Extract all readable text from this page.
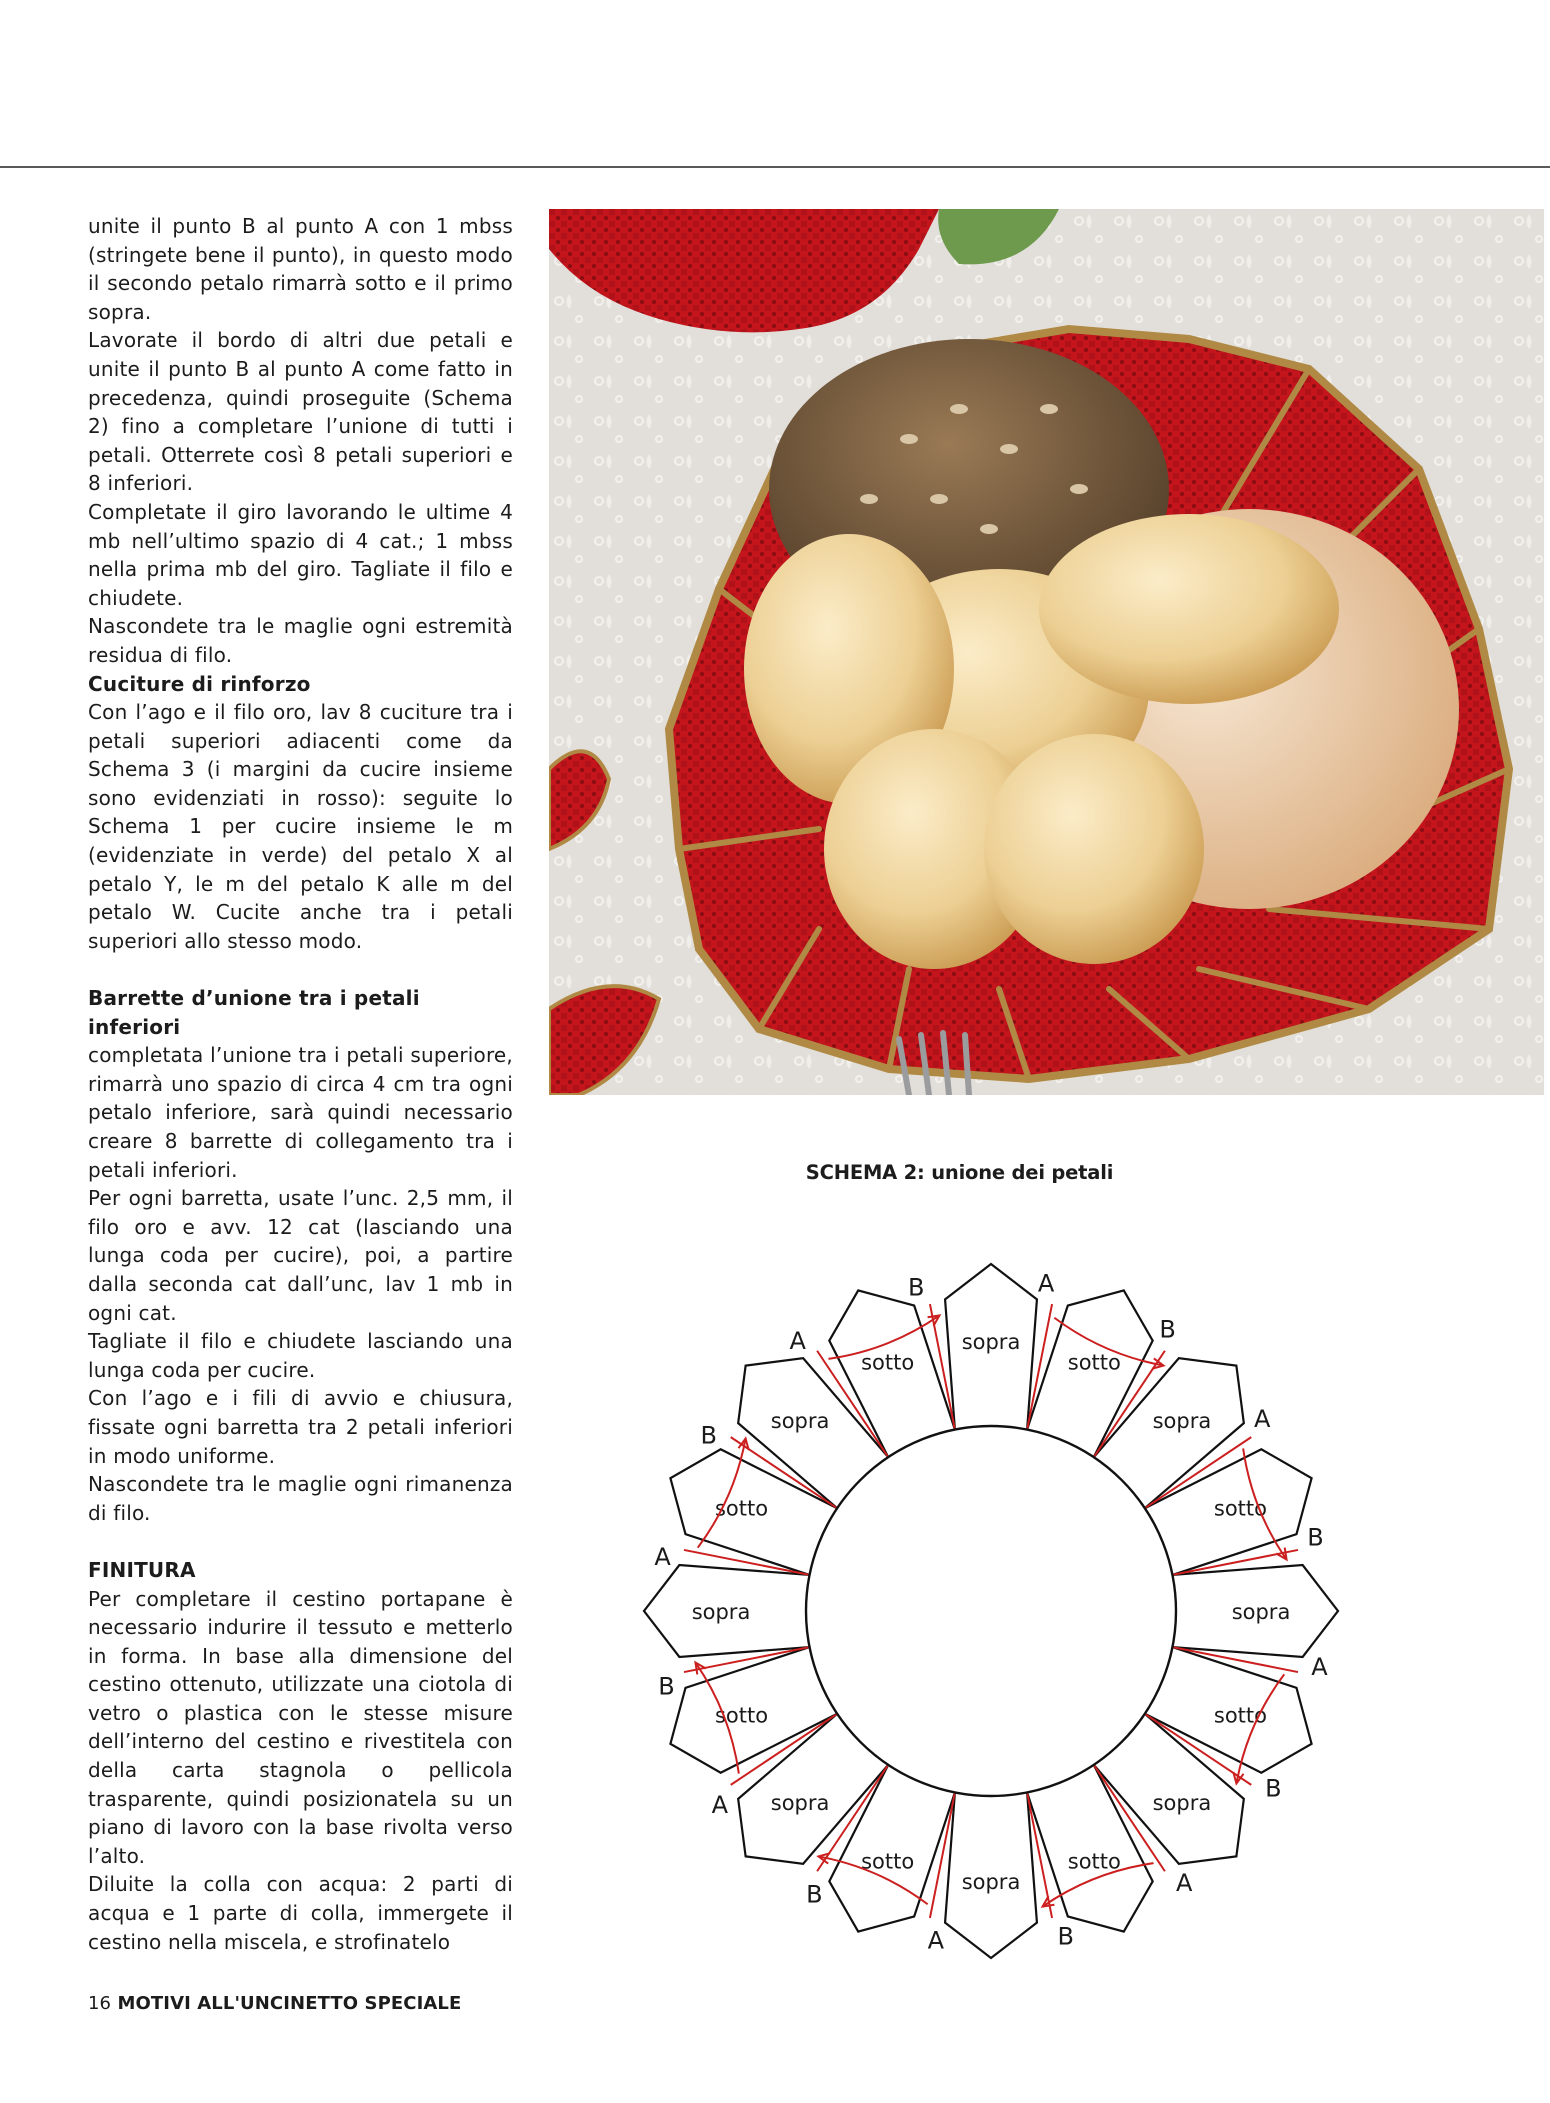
unite il punto B al punto A con 1 mbss (stringete bene il punto), in questo modo il secondo petalo rimarrà sotto e il primo sopra.

Lavorate il bordo di altri due petali e unite il punto B al punto A come fatto in precedenza, quindi proseguite (Schema 2) fino a completare l’unione di tutti i petali. Otterrete così 8 petali superiori e 8 inferiori.

Completate il giro lavorando le ultime 4 mb nell’ultimo spazio di 4 cat.; 1 mbss nella prima mb del giro. Tagliate il filo e chiudete.

Nascondete tra le maglie ogni estremità residua di filo.

Cuciture di rinforzo

Con l’ago e il filo oro, lav 8 cuciture tra i petali superiori adiacenti come da Schema 3 (i margini da cucire insieme sono evidenziati in rosso): seguite lo Schema 1 per cucire insieme le m (evidenziate in verde) del petalo X al petalo Y, le m del petalo K alle m del petalo W. Cucite anche tra i petali superiori allo stesso modo.

Barrette d’unione tra i petali inferiori

completata l’unione tra i petali superiore, rimarrà uno spazio di circa 4 cm tra ogni petalo inferiore, sarà quindi necessario creare 8 barrette di collegamento tra i petali inferiori.

Per ogni barretta, usate l’unc. 2,5 mm, il filo oro e avv. 12 cat (lasciando una lunga coda per cucire), poi, a partire dalla seconda cat dall’unc, lav 1 mb in ogni cat.

Tagliate il filo e chiudete lasciando una lunga coda per cucire.

Con l’ago e i fili di avvio e chiusura, fissate ogni barretta tra 2 petali inferiori in modo uniforme.

Nascondete tra le maglie ogni rimanenza di filo.

FINITURA

Per completare il cestino portapane è necessario indurire il tessuto e metterlo in forma. In base alla dimensione del cestino ottenuto, utilizzate una ciotola di vetro o plastica con le stesse misure dell’interno del cestino e rivestitela con della carta stagnola o pellicola trasparente, quindi posizionatela su un piano di lavoro con la base rivolta verso l’alto.

Diluite la colla con acqua: 2 parti di acqua e 1 parte di colla, immergete il cestino nella miscela, e strofinatelo

SCHEMA 2: unione dei petali
sopra
sotto
sopra
sotto
sopra
sotto
sopra
sotto
sopra
sotto
sopra
sotto
sopra
sotto
sopra
sotto
A
B
A
B
A
B
A
B
A
B
A
B
A
B
A
B
16 MOTIVI ALL'UNCINETTO SPECIALE
